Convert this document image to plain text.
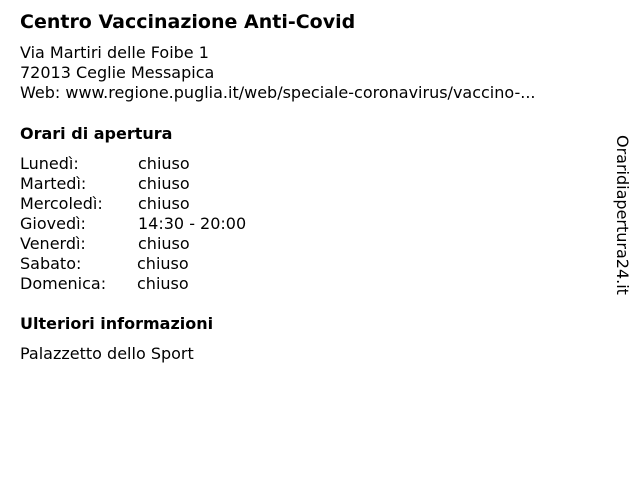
Centro Vaccinazione Anti-Covid
Via Martiri delle Foibe 1
72013 Ceglie Messapica
Web: www.regione.puglia.it/web/speciale-coronavirus/vaccino-...
Orari di apertura
Lunedì:	chiuso
Martedì:	chiuso
Mercoledì: chiuso
Giovedì:	14:30 - 20:00
Venerdì:	chiuso
Sabato:	chiuso
Domenica: chiuso
Ulteriori informazioni
Palazzetto dello Sport
Oraridiapertura24.it
